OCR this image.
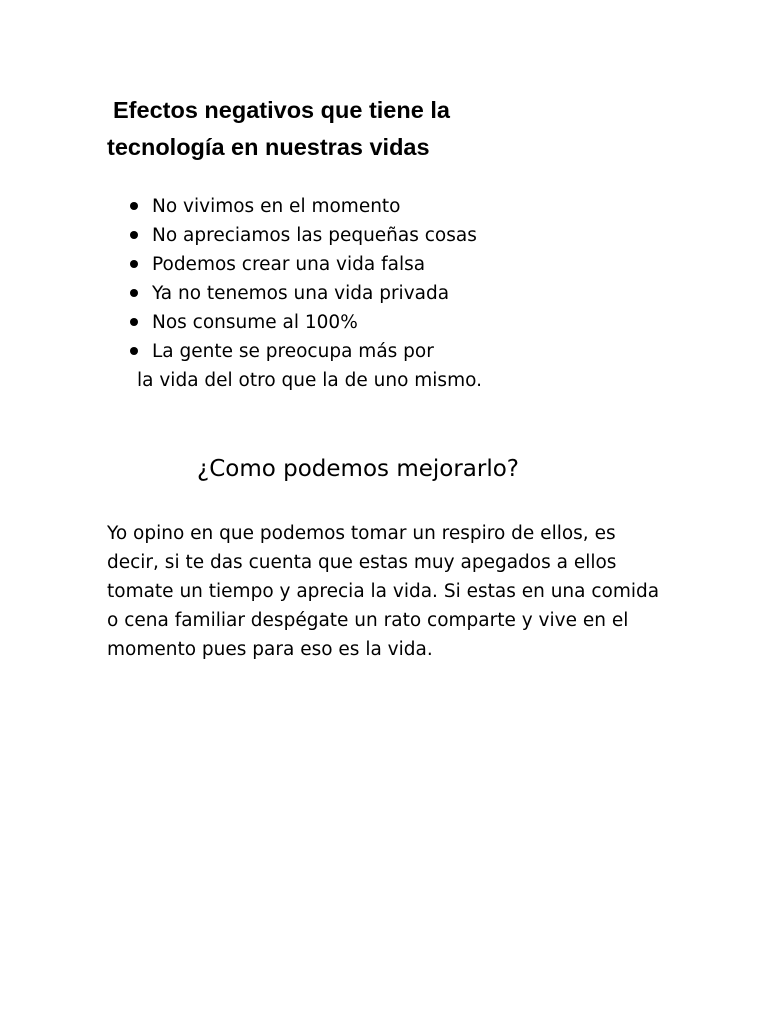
Efectos negativos que tiene la
tecnología en nuestras vidas
No vivimos en el momento
No apreciamos las pequeñas cosas
Podemos crear una vida falsa
Ya no tenemos una vida privada
Nos consume al 100%
La gente se preocupa más por
la vida del otro que la de uno mismo.
¿Como podemos mejorarlo?
Yo opino en que podemos tomar un respiro de ellos, es
decir, si te das cuenta que estas muy apegados a ellos
tomate un tiempo y aprecia la vida. Si estas en una comida
o cena familiar despégate un rato comparte y vive en el
momento pues para eso es la vida.
